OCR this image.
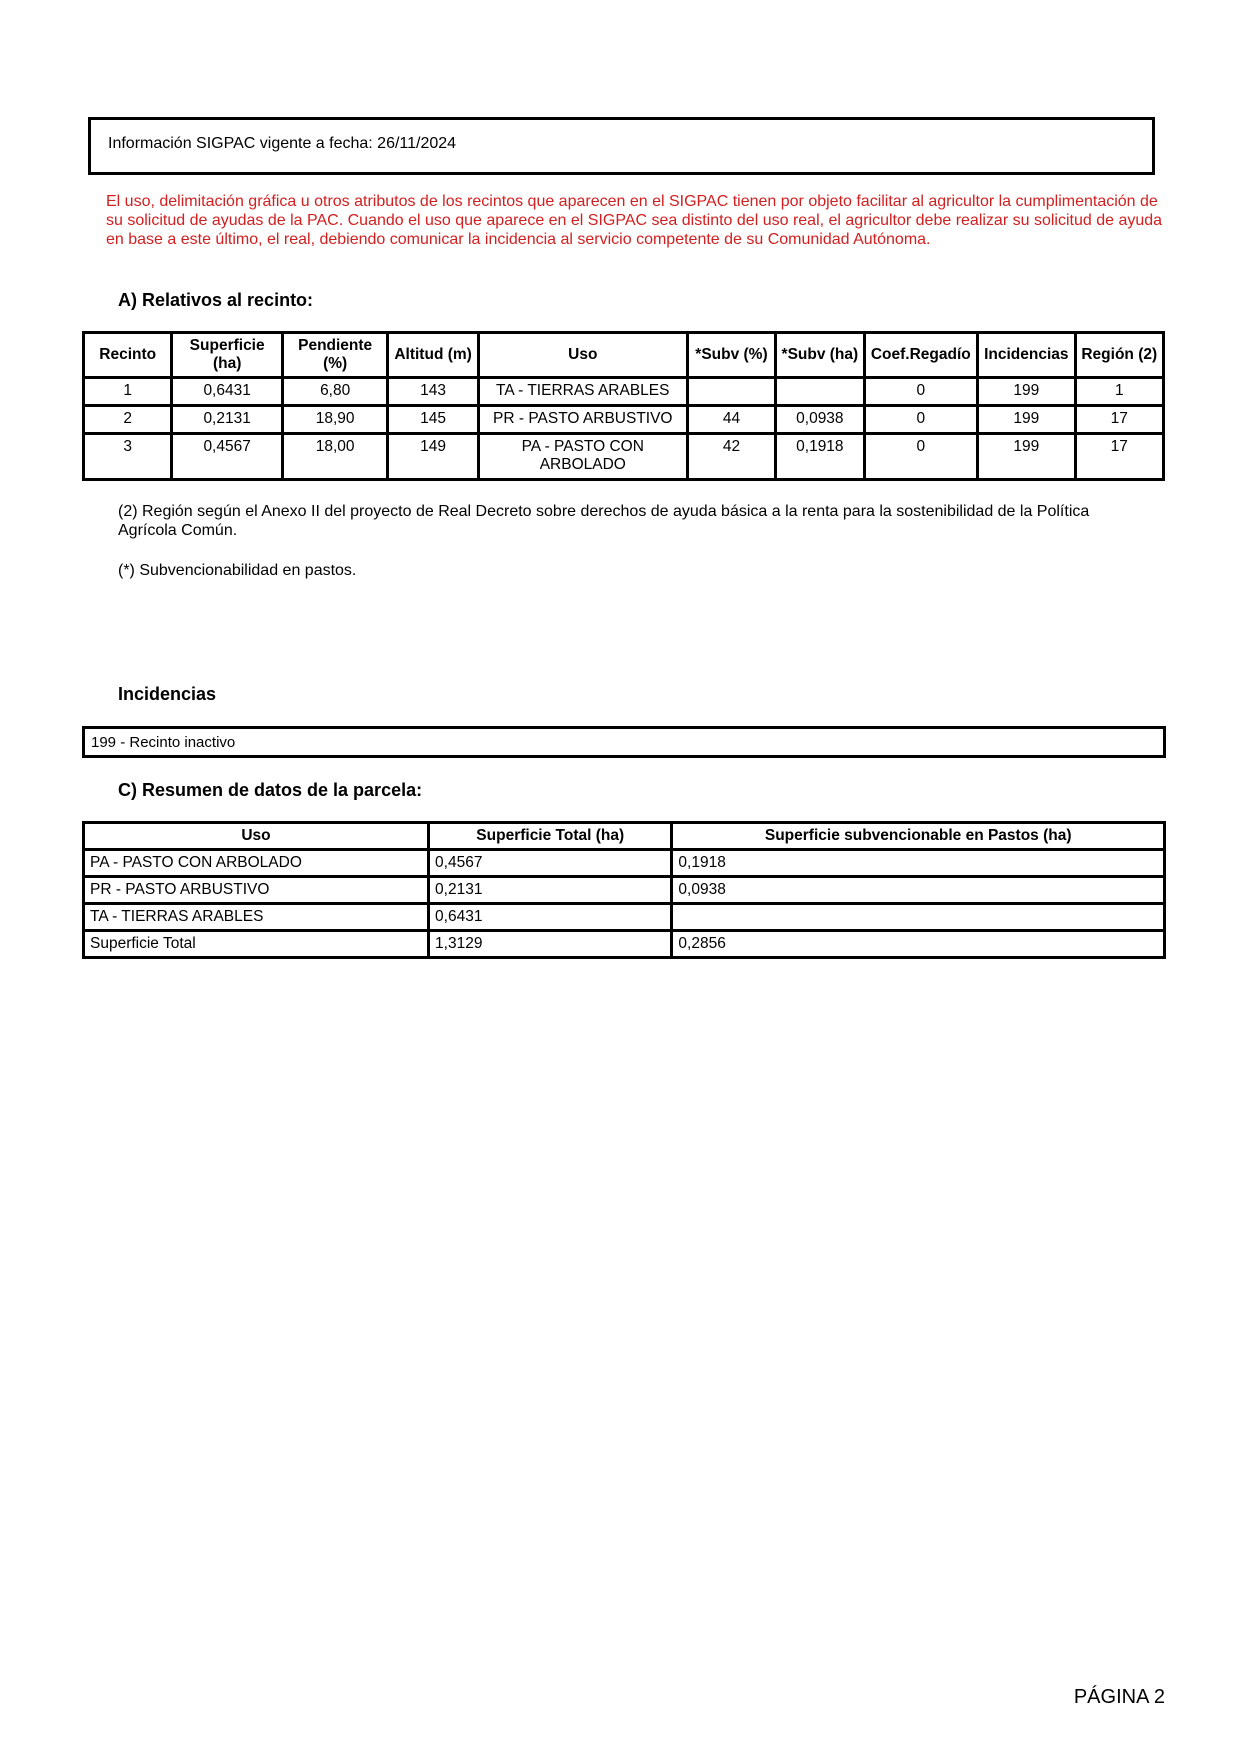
Información SIGPAC vigente a fecha: 26/11/2024
El uso, delimitación gráfica u otros atributos de los recintos que aparecen en el SIGPAC tienen por objeto facilitar al agricultor la cumplimentación de su solicitud de ayudas de la PAC. Cuando el uso que aparece en el SIGPAC sea distinto del uso real, el agricultor debe realizar su solicitud de ayuda en base a este último, el real, debiendo comunicar la incidencia al servicio competente de su Comunidad Autónoma.
A) Relativos al recinto:
Recinto	Superficie (ha)	Pendiente (%)	Altitud (m)	Uso	*Subv (%)	*Subv (ha)	Coef.Regadío	Incidencias	Región (2)
1	0,6431	6,80	143	TA - TIERRAS ARABLES			0	199	1
2	0,2131	18,90	145	PR - PASTO ARBUSTIVO	44	0,0938	0	199	17
3	0,4567	18,00	149	PA - PASTO CON ARBOLADO	42	0,1918	0	199	17
(2) Región según el Anexo II del proyecto de Real Decreto sobre derechos de ayuda básica a la renta para la sostenibilidad de la Política Agrícola Común.
(*) Subvencionabilidad en pastos.
Incidencias
199 - Recinto inactivo
C) Resumen de datos de la parcela:
Uso	Superficie Total (ha)	Superficie subvencionable en Pastos (ha)
PA - PASTO CON ARBOLADO	0,4567	0,1918
PR - PASTO ARBUSTIVO	0,2131	0,0938
TA - TIERRAS ARABLES	0,6431	
Superficie Total	1,3129	0,2856
PÁGINA 2
